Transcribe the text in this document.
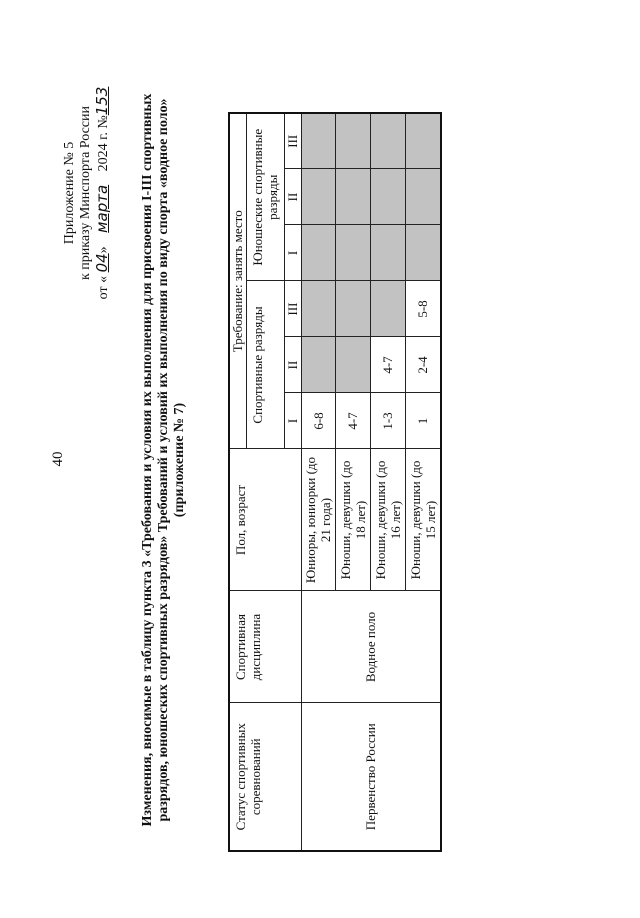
40
Приложение № 5 к приказу Минспорта России
от « 04» марта 2024 г. №153 Изменения, вносимые в таблицу пункта 3 «Требования и условия их выполнения для присвоения I-III спортивных разрядов, юношеских спортивных разрядов» Требований и условий их выполнения по виду спорта «водное поло» (приложение № 7)
Статус спортивных соревнований	Спортивная дисциплина	Пол, возраст	Требование: занять место					
			Спортивные разряды			Юношеские спортивные разряды		
			I	II	III	I	II	III
Первенство России	Водное поло	Юниоры, юниорки (до 21 года)	6-8					
		Юноши, девушки (до 18 лет)	4-7					
		Юноши, девушки (до 16 лет)	1-3	4-7				
		Юноши, девушки (до 15 лет)	1	2-4	5-8			
